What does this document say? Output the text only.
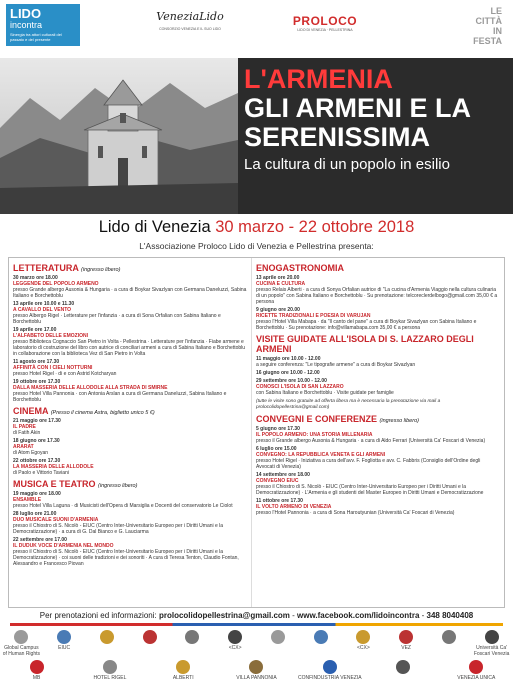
LIDO
incontra
Sinergia tra attori culturali del passato e del presente
VeneziaLido
CONSORZIO VENEZIA E IL SUO LIDO
PROLOCO
LIDO DI VENEZIA · PELLESTRINA
LE
CITTÀ
IN
FESTA
L'ARMENIA
GLI ARMENI E LA
SERENISSIMA
La cultura di un popolo in esilio
Lido di Venezia 30 marzo - 22 ottobre 2018
L'Associazione Proloco Lido di Venezia e Pellestrina presenta:
LETTERATURA (ingresso libero)
30 marzo ore 18.00
LEGGENDE DEL POPOLO ARMENO
presso Grande albergo Ausonia & Hungaria · a cura di Boykar Sivazlyan con Germana Daneluzzi, Sabina Italiano e Borchettoblu
13 aprile ore 10.00 e 11.30
A CAVALLO DEL VENTO
presso Albergo Rigel · Letterature per l'infanzia · a cura di Sona Orfalian con Sabina Italiano e Borchettoblu
19 aprile ore 17.00
L'ALFABETO DELLE EMOZIONI
presso Biblioteca Cognaccio San Pietro in Volta - Pellestrina · Letterature per l'infanzia · Fiabe armene e laboratorio di costruzione del libro con autrice di conciliari armeni a cura di Sabina Italiano e Borchettoblu in collaborazione con la biblioteca Vez di San Pietro in Volta
11 agosto ore 17.30
AFFINITÀ CON I CIELI NOTTURNI
presso Hotel Rigel · di e con Astrid Kotcharyan
19 ottobre ore 17.30
DALLA MASSERIA DELLE ALLODOLE ALLA STRADA DI SMIRNE
presso Hotel Villa Pannonia · con Antonia Arslan a cura di Germana Daneluzzi, Sabina Italiano e Borchettoblu
CINEMA (Presso il cinema Astra, biglietto unico 5 €)
21 maggio ore 17.30
IL PADRE
di Fatih Akin
18 giugno ore 17.30
ARARAT
di Atom Egoyan
22 ottobre ore 17.30
LA MASSERIA DELLE ALLODOLE
di Paolo e Vittorio Taviani
MUSICA E TEATRO (ingresso libero)
19 maggio ore 18.00
ENSAMBLE
presso Hotel Villa Laguna · di Musicisti dell'Opera di Marsiglia e Docenti del conservatorio Le Ciolot
28 luglio ore 21.00
DUO MUSICALE SUONI D'ARMENIA
presso il Chiostro di S. Nicolò - EIUC (Centro Inter-Universitario Europeo per i Diritti Umani e la Democratizzazione) · a cura di G. Dal Bianco e G. Lauciarma
22 settembre ore 17.00
IL DUDUK VOCE D'ARMENIA NEL MONDO
presso il Chiostro di S. Nicolò - EIUC (Centro Inter-Universitario Europeo per i Diritti Umani e la Democratizzazione) · coi suoni delle tradizioni e dei sonoriti · A cura di Teresa Tenton, Claudio Fontan, Alessandro e Francesco Piovan
ENOGASTRONOMIA
13 aprile ore 20.00
CUCINA E CULTURA
presso Relais Alberti · a cura di Sonya Orfalian autrice di "La cucina d'Armenia Viaggio nella cultura culinaria di un popolo" con Sabina Italiano e Borchettoblu · Su prenotazione: telcoreclerdelbogo@gmail.com 35,00 € a persona
9 giugno ore 20.00
RICETTE TRADIZIONALI E POESIA DI VARUJAN
presso l'Hotel Villa Mabapa · da "Il canto del pane" a cura di Boykar Sivazlyan con Sabina Italiano e Borchettoblu · Su prenotazione: info@villamabapa.com 35,00 € a persona
VISITE GUIDATE ALL'ISOLA DI S. LAZZARO DEGLI ARMENI
11 maggio ore 10.00 - 12.00
a seguire conferenza: "Le tipografie armene" a cura di Boykar Sivazlyan
16 giugno ore 10.00 - 12.00
29 settembre ore 10.00 - 12.00
CONOSCI L'ISOLA DI SAN LAZZARO
con Sabina Italiano e Borchettoblu · Visite guidate per famiglie
(tutte le visite sono gratuite ad offerta libera ma è necessaria la prenotazione via mail a prolocolidopellestrina@gmail.com)
CONVEGNI E CONFERENZE (ingresso libero)
5 giugno ore 17.30
IL POPOLO ARMENO: UNA STORIA MILLENARIA
presso il Grande albergo Ausonia & Hungaria · a cura di Aldo Ferrari (Università Ca' Foscari di Venezia)
6 luglio ore 15.00
CONVEGNO: LA REPUBBLICA VENETA E GLI ARMENI
presso Hotel Rigel · Iniziativa a cura dell'avv. F. Fogliotta e avv. C. Fabbris (Consiglio dell'Ordine degli Avvocati di Venezia)
14 settembre ore 18.00
CONVEGNO EIUC
presso il Chiostro di S. Nicolò - EIUC (Centro Inter-Universitario Europeo per i Diritti Umani e la Democratizzazione) · L'Armenia e gli studenti del Master Europeo in Diritti Umani e Democratizzazione
11 ottobre ore 17.30
IL VOLTO ARMENO DI VENEZIA
presso l'Hotel Pannonia · a cura di Sona Haroutyunian (Università Ca' Foscari di Venezia)
Per prenotazioni ed informazioni: prolocolidopellestrina@gmail.com - www.facebook.com/lidoincontra - 348 8040408
Global Campus of Human Rights
EIUC	<CX>	<CX>	VEZ	Università Ca' Foscari Venezia
MB	HOTEL RIGEL	ALBERTI	VILLA PANNONIA	CONFINDUSTRIA VENEZIA	VENEZIA UNICA
